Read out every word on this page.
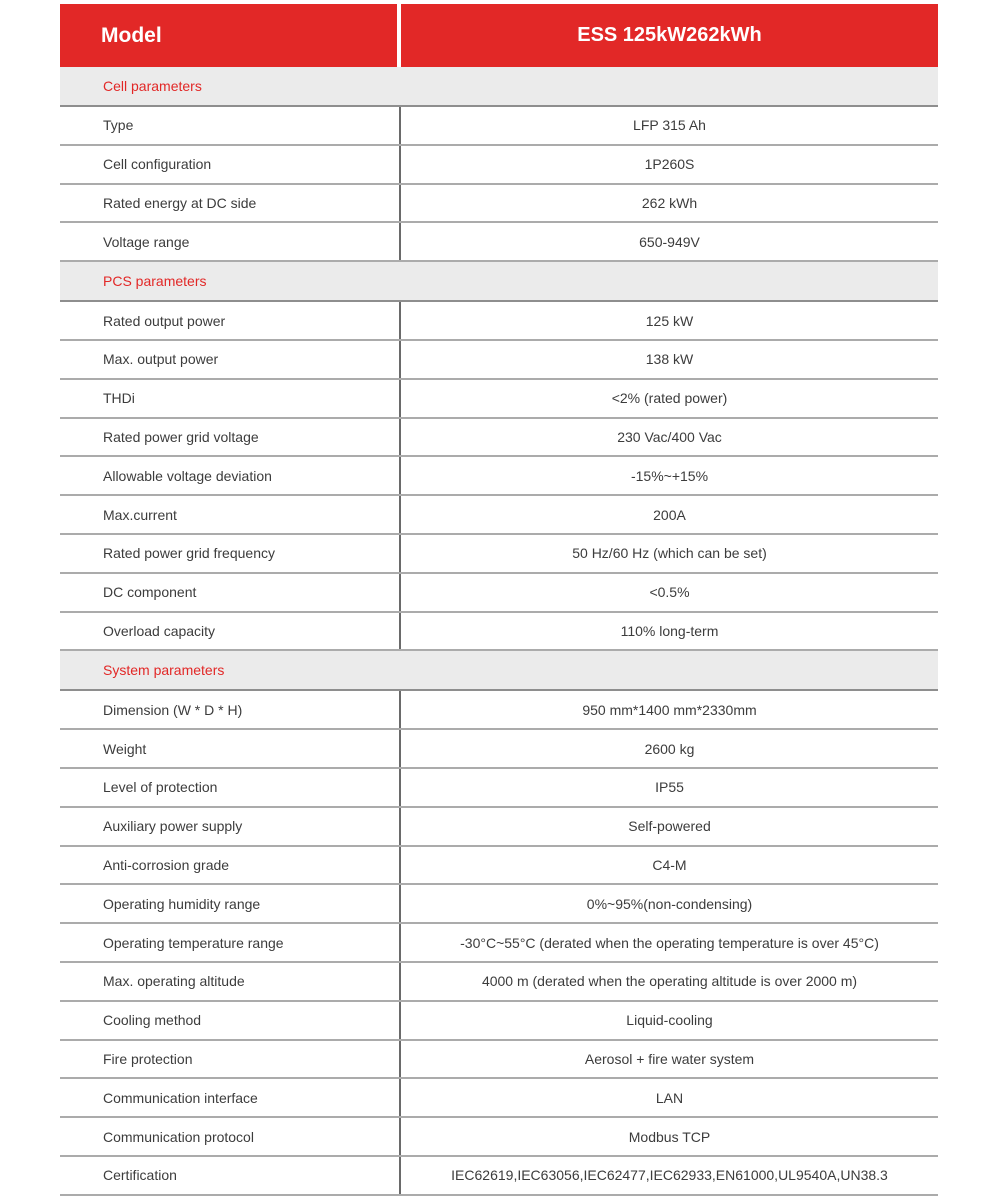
Model	ESS 125kW262kWh
Cell parameters
Type	LFP 315 Ah
Cell configuration	1P260S
Rated energy at DC side	262 kWh
Voltage range	650-949V
PCS parameters
Rated output power	125 kW
Max. output power	138 kW
THDi	<2% (rated power)
Rated power grid voltage	230 Vac/400 Vac
Allowable voltage deviation	-15%~+15%
Max.current	200A
Rated power grid frequency	50 Hz/60 Hz (which can be set)
DC component	<0.5%
Overload capacity	110% long-term
System parameters
Dimension (W * D * H)	950 mm*1400 mm*2330mm
Weight	2600 kg
Level of protection	IP55
Auxiliary power supply	Self-powered
Anti-corrosion grade	C4-M
Operating humidity range	0%~95%(non-condensing)
Operating temperature range	-30°C~55°C (derated when the operating temperature is over 45°C)
Max. operating altitude	4000 m (derated when the operating altitude is over 2000 m)
Cooling method	Liquid-cooling
Fire protection	Aerosol + fire water system
Communication interface	LAN
Communication protocol	Modbus TCP
Certification	IEC62619,IEC63056,IEC62477,IEC62933,EN61000,UL9540A,UN38.3
